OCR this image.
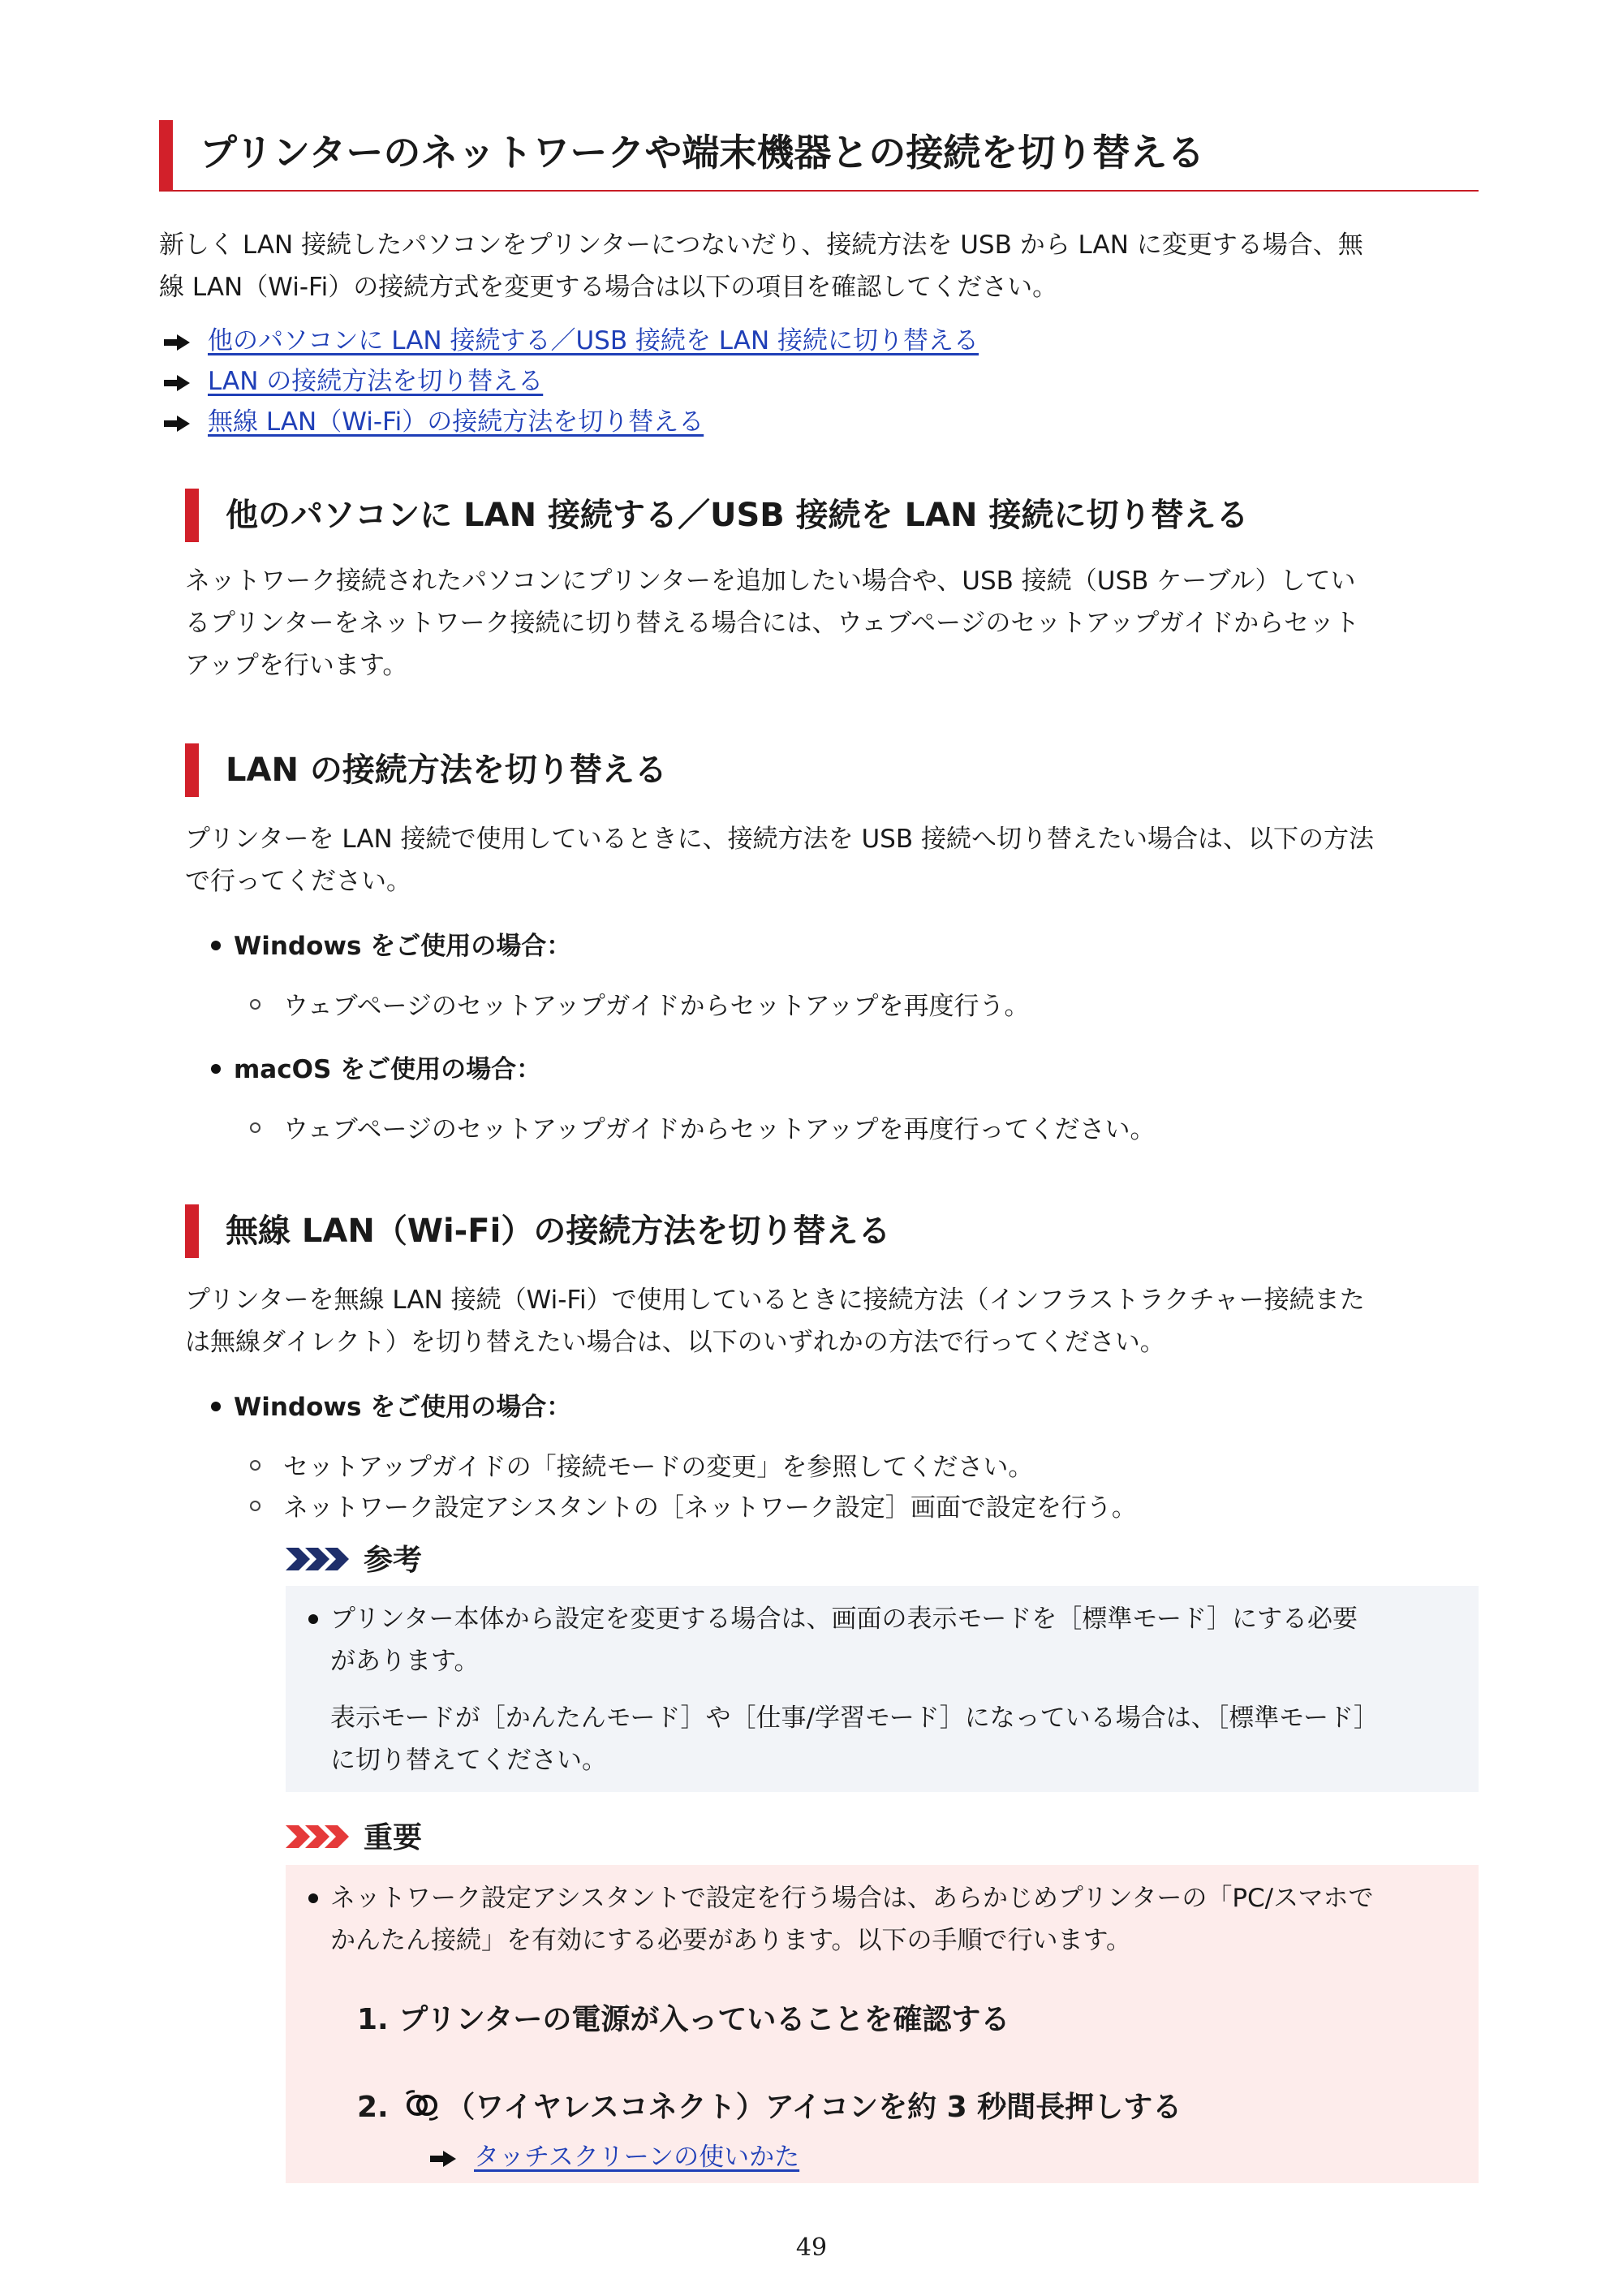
プリンターのネットワークや端末機器との接続を切り替える
新しく LAN 接続したパソコンをプリンターにつないだり、接続方法を USB から LAN に変更する場合、無
線 LAN（Wi-Fi）の接続方式を変更する場合は以下の項目を確認してください。
他のパソコンに LAN 接続する／USB 接続を LAN 接続に切り替える
LAN の接続方法を切り替える
無線 LAN（Wi-Fi）の接続方法を切り替える
他のパソコンに LAN 接続する／USB 接続を LAN 接続に切り替える
ネットワーク接続されたパソコンにプリンターを追加したい場合や、USB 接続（USB ケーブル）してい
るプリンターをネットワーク接続に切り替える場合には、ウェブページのセットアップガイドからセット
アップを行います。
LAN の接続方法を切り替える
プリンターを LAN 接続で使用しているときに、接続方法を USB 接続へ切り替えたい場合は、以下の方法
で行ってください。
Windows をご使用の場合：
ウェブページのセットアップガイドからセットアップを再度行う。
macOS をご使用の場合：
ウェブページのセットアップガイドからセットアップを再度行ってください。
無線 LAN（Wi-Fi）の接続方法を切り替える
プリンターを無線 LAN 接続（Wi-Fi）で使用しているときに接続方法（インフラストラクチャー接続また
は無線ダイレクト）を切り替えたい場合は、以下のいずれかの方法で行ってください。
Windows をご使用の場合：
セットアップガイドの「接続モードの変更」を参照してください。
ネットワーク設定アシスタントの［ネットワーク設定］画面で設定を行う。
参考
プリンター本体から設定を変更する場合は、画面の表示モードを［標準モード］にする必要
があります。
表示モードが［かんたんモード］や［仕事/学習モード］になっている場合は、［標準モード］
に切り替えてください。
重要
ネットワーク設定アシスタントで設定を行う場合は、あらかじめプリンターの「PC/スマホで
かんたん接続」を有効にする必要があります。以下の手順で行います。
1. プリンターの電源が入っていることを確認する
2. （ワイヤレスコネクト）アイコンを約 3 秒間長押しする
タッチスクリーンの使いかた
49
